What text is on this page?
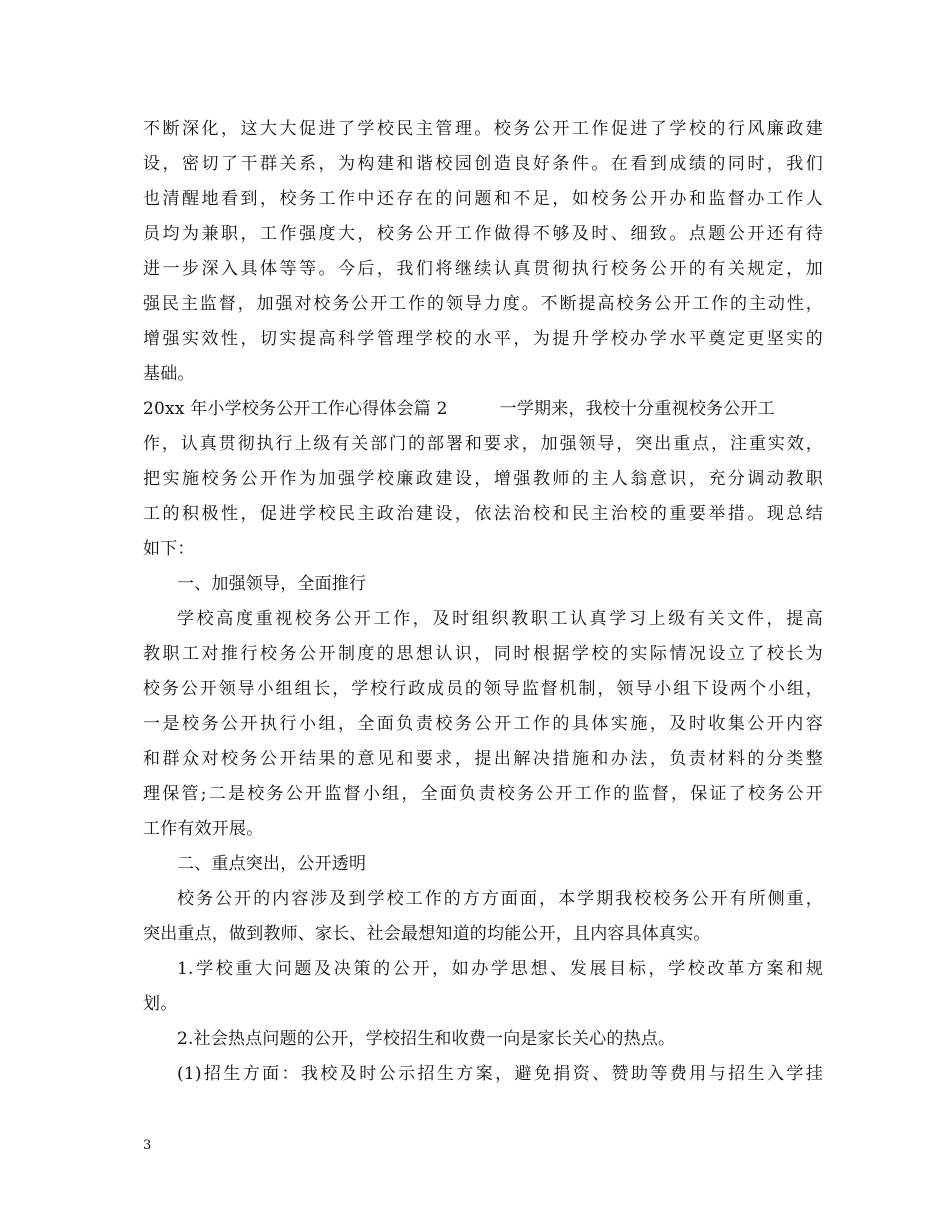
不断深化，这大大促进了学校民主管理。校务公开工作促进了学校的行风廉政建
设，密切了干群关系，为构建和谐校园创造良好条件。在看到成绩的同时，我们
也清醒地看到，校务工作中还存在的问题和不足，如校务公开办和监督办工作人
员均为兼职，工作强度大，校务公开工作做得不够及时、细致。点题公开还有待
进一步深入具体等等。今后，我们将继续认真贯彻执行校务公开的有关规定，加
强民主监督，加强对校务公开工作的领导力度。不断提高校务公开工作的主动性，
增强实效性，切实提高科学管理学校的水平，为提升学校办学水平奠定更坚实的
基础。
20xx 年小学校务公开工作心得体会篇 2	一学期来，我校十分重视校务公开工
作，认真贯彻执行上级有关部门的部署和要求，加强领导，突出重点，注重实效，
把实施校务公开作为加强学校廉政建设，增强教师的主人翁意识，充分调动教职
工的积极性，促进学校民主政治建设，依法治校和民主治校的重要举措。现总结
如下：
一、加强领导，全面推行
学校高度重视校务公开工作，及时组织教职工认真学习上级有关文件，提高
教职工对推行校务公开制度的思想认识，同时根据学校的实际情况设立了校长为
校务公开领导小组组长，学校行政成员的领导监督机制，领导小组下设两个小组，
一是校务公开执行小组，全面负责校务公开工作的具体实施，及时收集公开内容
和群众对校务公开结果的意见和要求，提出解决措施和办法，负责材料的分类整
理保管;二是校务公开监督小组，全面负责校务公开工作的监督，保证了校务公开
工作有效开展。
二、重点突出，公开透明
校务公开的内容涉及到学校工作的方方面面，本学期我校校务公开有所侧重，
突出重点，做到教师、家长、社会最想知道的均能公开，且内容具体真实。
1.学校重大问题及决策的公开，如办学思想、发展目标，学校改革方案和规
划。
2.社会热点问题的公开，学校招生和收费一向是家长关心的热点。
(1)招生方面：我校及时公示招生方案，避免捐资、赞助等费用与招生入学挂
3
